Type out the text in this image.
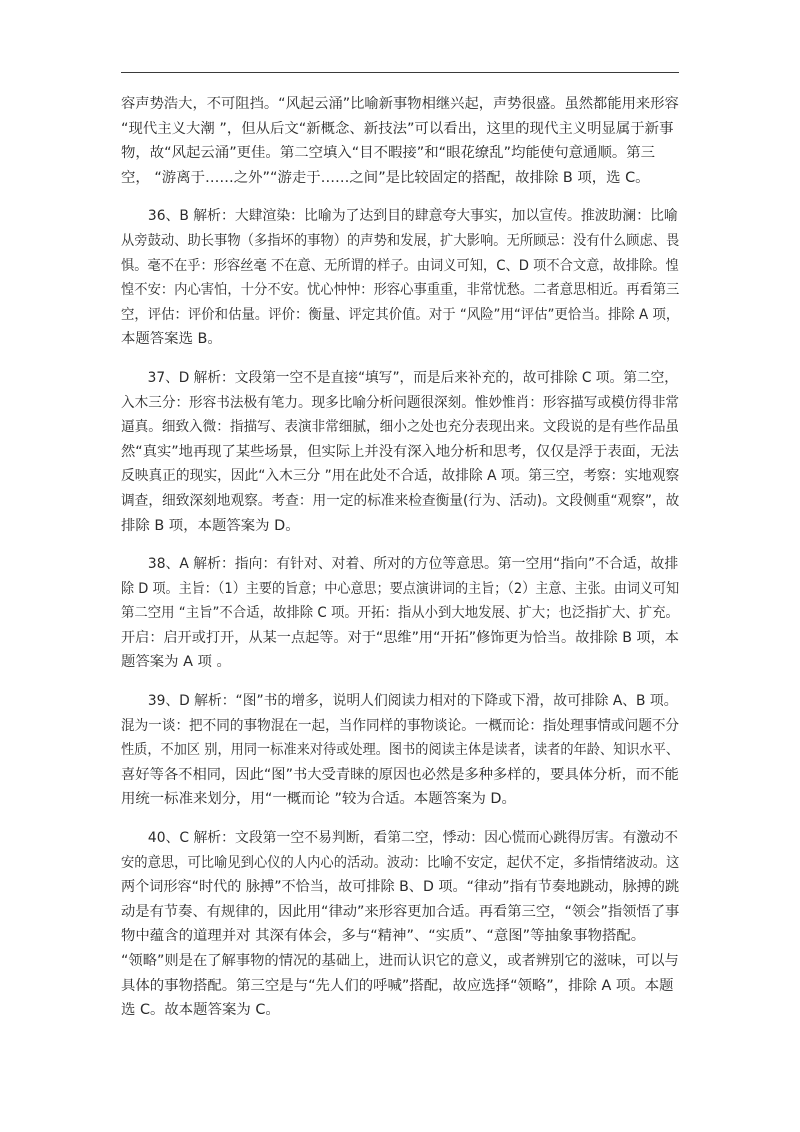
容声势浩大，不可阻挡。“风起云涌”比喻新事物相继兴起，声势很盛。虽然都能用来形容
“现代主义大潮 ”，但从后文“新概念、新技法”可以看出，这里的现代主义明显属于新事
物，故“风起云涌”更佳。第二空填入“目不暇接”和“眼花缭乱”均能使句意通顺。第三
空， “游离于……之外”“游走于……之间”是比较固定的搭配，故排除 B 项，选 C。
36、B 解析：大肆渲染：比喻为了达到目的肆意夸大事实，加以宣传。推波助澜：比喻
从旁鼓动、助长事物（多指坏的事物）的声势和发展，扩大影响。无所顾忌：没有什么顾虑、畏
惧。毫不在乎：形容丝毫 不在意、无所谓的样子。由词义可知，C、D 项不合文意，故排除。惶
惶不安：内心害怕，十分不安。忧心忡忡：形容心事重重，非常忧愁。二者意思相近。再看第三
空，评估：评价和估量。评价：衡量、评定其价值。对于 “风险”用“评估”更恰当。排除 A 项，
本题答案选 B。
37、D 解析：文段第一空不是直接“填写”，而是后来补充的，故可排除 C 项。第二空，
入木三分：形容书法极有笔力。现多比喻分析问题很深刻。惟妙惟肖：形容描写或模仿得非常
逼真。细致入微：指描写、表演非常细腻，细小之处也充分表现出来。文段说的是有些作品虽
然“真实”地再现了某些场景，但实际上并没有深入地分析和思考，仅仅是浮于表面，无法
反映真正的现实，因此“入木三分 ”用在此处不合适，故排除 A 项。第三空，考察：实地观察
调查，细致深刻地观察。考查：用一定的标准来检查衡量(行为、活动)。文段侧重“观察”，故
排除 B 项，本题答案为 D。
38、A 解析：指向：有针对、对着、所对的方位等意思。第一空用“指向”不合适，故排
除 D 项。主旨：（1）主要的旨意；中心意思；要点演讲词的主旨；（2）主意、主张。由词义可知
第二空用 “主旨”不合适，故排除 C 项。开拓：指从小到大地发展、扩大；也泛指扩大、扩充。
开启：启开或打开，从某一点起等。对于“思维”用“开拓”修饰更为恰当。故排除 B 项，本
题答案为 A 项 。
39、D 解析：“图”书的增多，说明人们阅读力相对的下降或下滑，故可排除 A、B 项。
混为一谈：把不同的事物混在一起，当作同样的事物谈论。一概而论：指处理事情或问题不分
性质，不加区 别，用同一标准来对待或处理。图书的阅读主体是读者，读者的年龄、知识水平、
喜好等各不相同，因此“图”书大受青睐的原因也必然是多种多样的，要具体分析，而不能
用统一标准来划分，用“一概而论 ”较为合适。本题答案为 D。
40、C 解析：文段第一空不易判断，看第二空，悸动：因心慌而心跳得厉害。有激动不
安的意思，可比喻见到心仪的人内心的活动。波动：比喻不安定，起伏不定，多指情绪波动。这
两个词形容“时代的 脉搏”不恰当，故可排除 B、D 项。“律动”指有节奏地跳动，脉搏的跳
动是有节奏、有规律的，因此用“律动”来形容更加合适。再看第三空，“领会”指领悟了事
物中蕴含的道理并对 其深有体会，多与“精神”、“实质”、“意图”等抽象事物搭配。
“领略”则是在了解事物的情况的基础上，进而认识它的意义，或者辨别它的滋味，可以与
具体的事物搭配。第三空是与“先人们的呼喊”搭配，故应选择“领略”，排除 A 项。本题
选 C。故本题答案为 C。
